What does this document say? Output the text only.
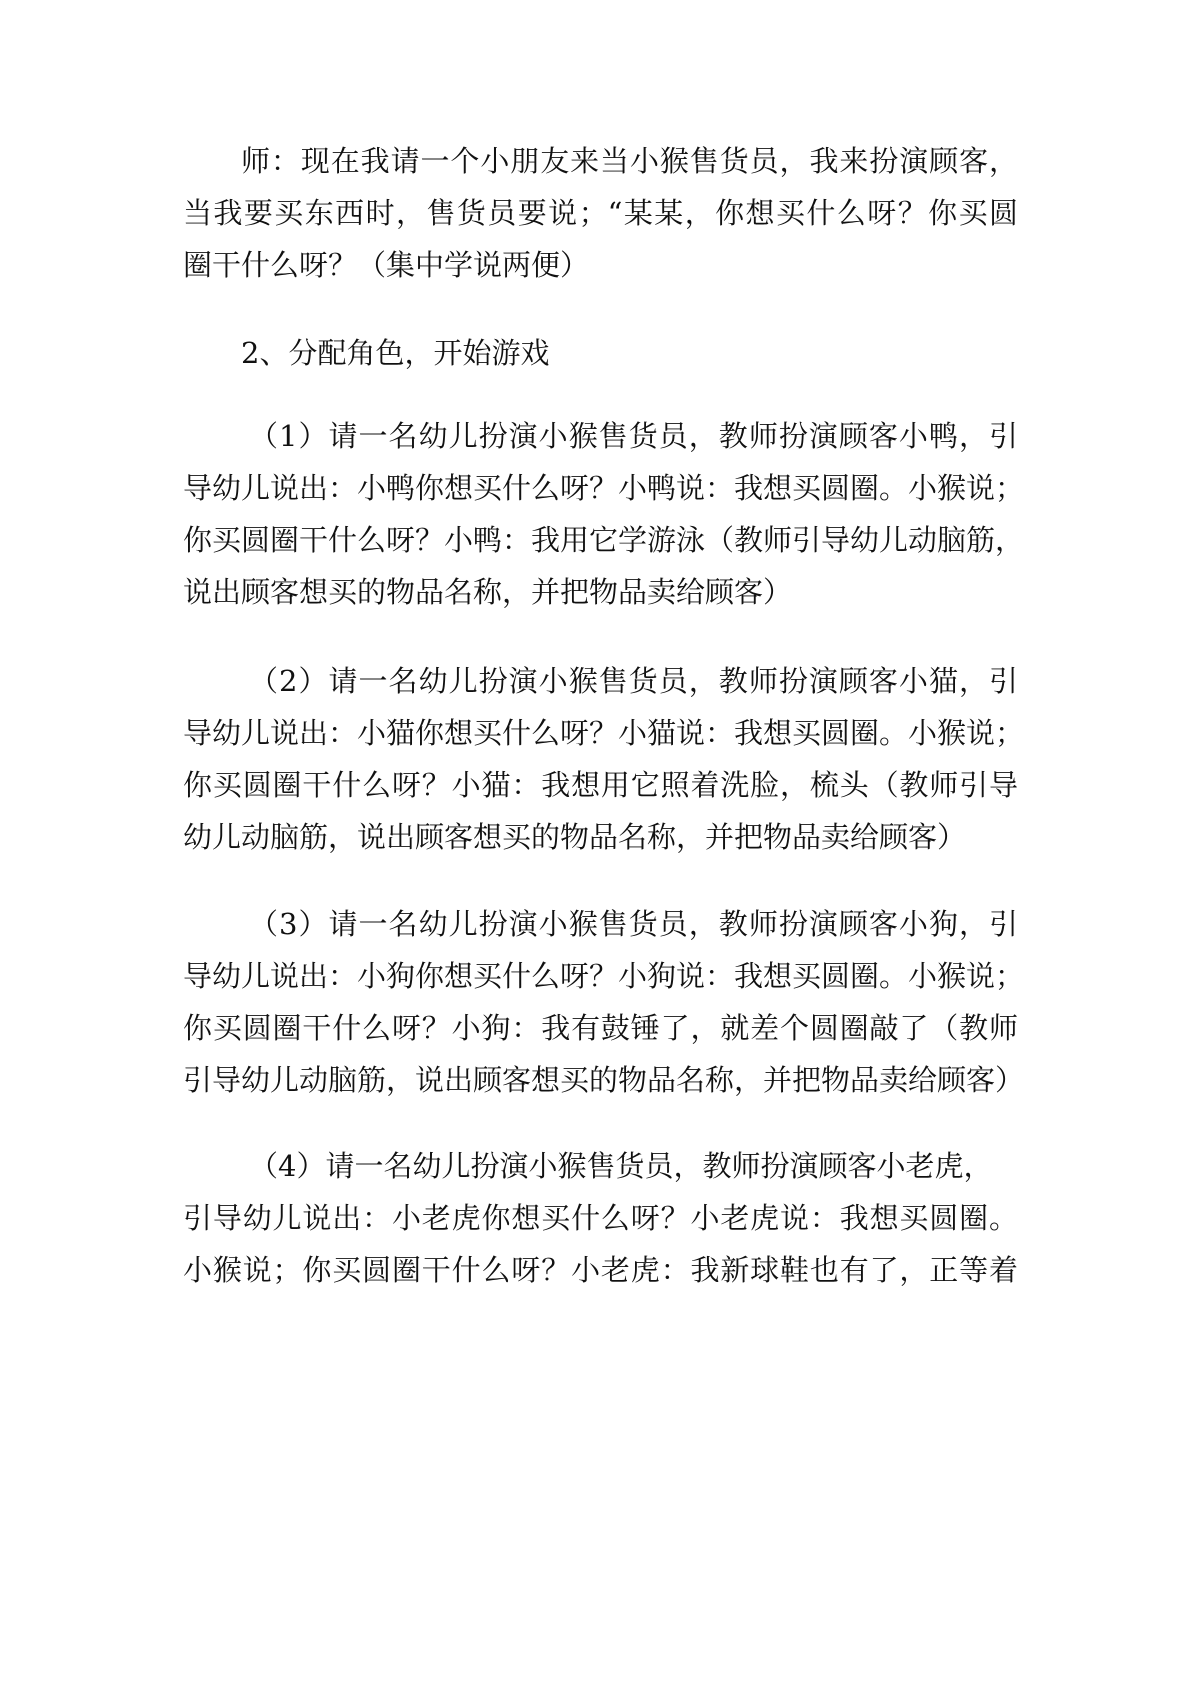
师：现在我请一个小朋友来当小猴售货员，我来扮演顾客，
当我要买东西时，售货员要说；“某某，你想买什么呀？你买圆
圈干什么呀？（集中学说两便）
2、分配角色，开始游戏
（1）请一名幼儿扮演小猴售货员，教师扮演顾客小鸭，引
导幼儿说出：小鸭你想买什么呀？小鸭说：我想买圆圈。小猴说；
你买圆圈干什么呀？小鸭：我用它学游泳（教师引导幼儿动脑筋，
说出顾客想买的物品名称，并把物品卖给顾客）
（2）请一名幼儿扮演小猴售货员，教师扮演顾客小猫，引
导幼儿说出：小猫你想买什么呀？小猫说：我想买圆圈。小猴说；
你买圆圈干什么呀？小猫：我想用它照着洗脸，梳头（教师引导
幼儿动脑筋，说出顾客想买的物品名称，并把物品卖给顾客）
（3）请一名幼儿扮演小猴售货员，教师扮演顾客小狗，引
导幼儿说出：小狗你想买什么呀？小狗说：我想买圆圈。小猴说；
你买圆圈干什么呀？小狗：我有鼓锤了，就差个圆圈敲了（教师
引导幼儿动脑筋，说出顾客想买的物品名称，并把物品卖给顾客）
（4）请一名幼儿扮演小猴售货员，教师扮演顾客小老虎，
引导幼儿说出：小老虎你想买什么呀？小老虎说：我想买圆圈。
小猴说；你买圆圈干什么呀？小老虎：我新球鞋也有了，正等着
